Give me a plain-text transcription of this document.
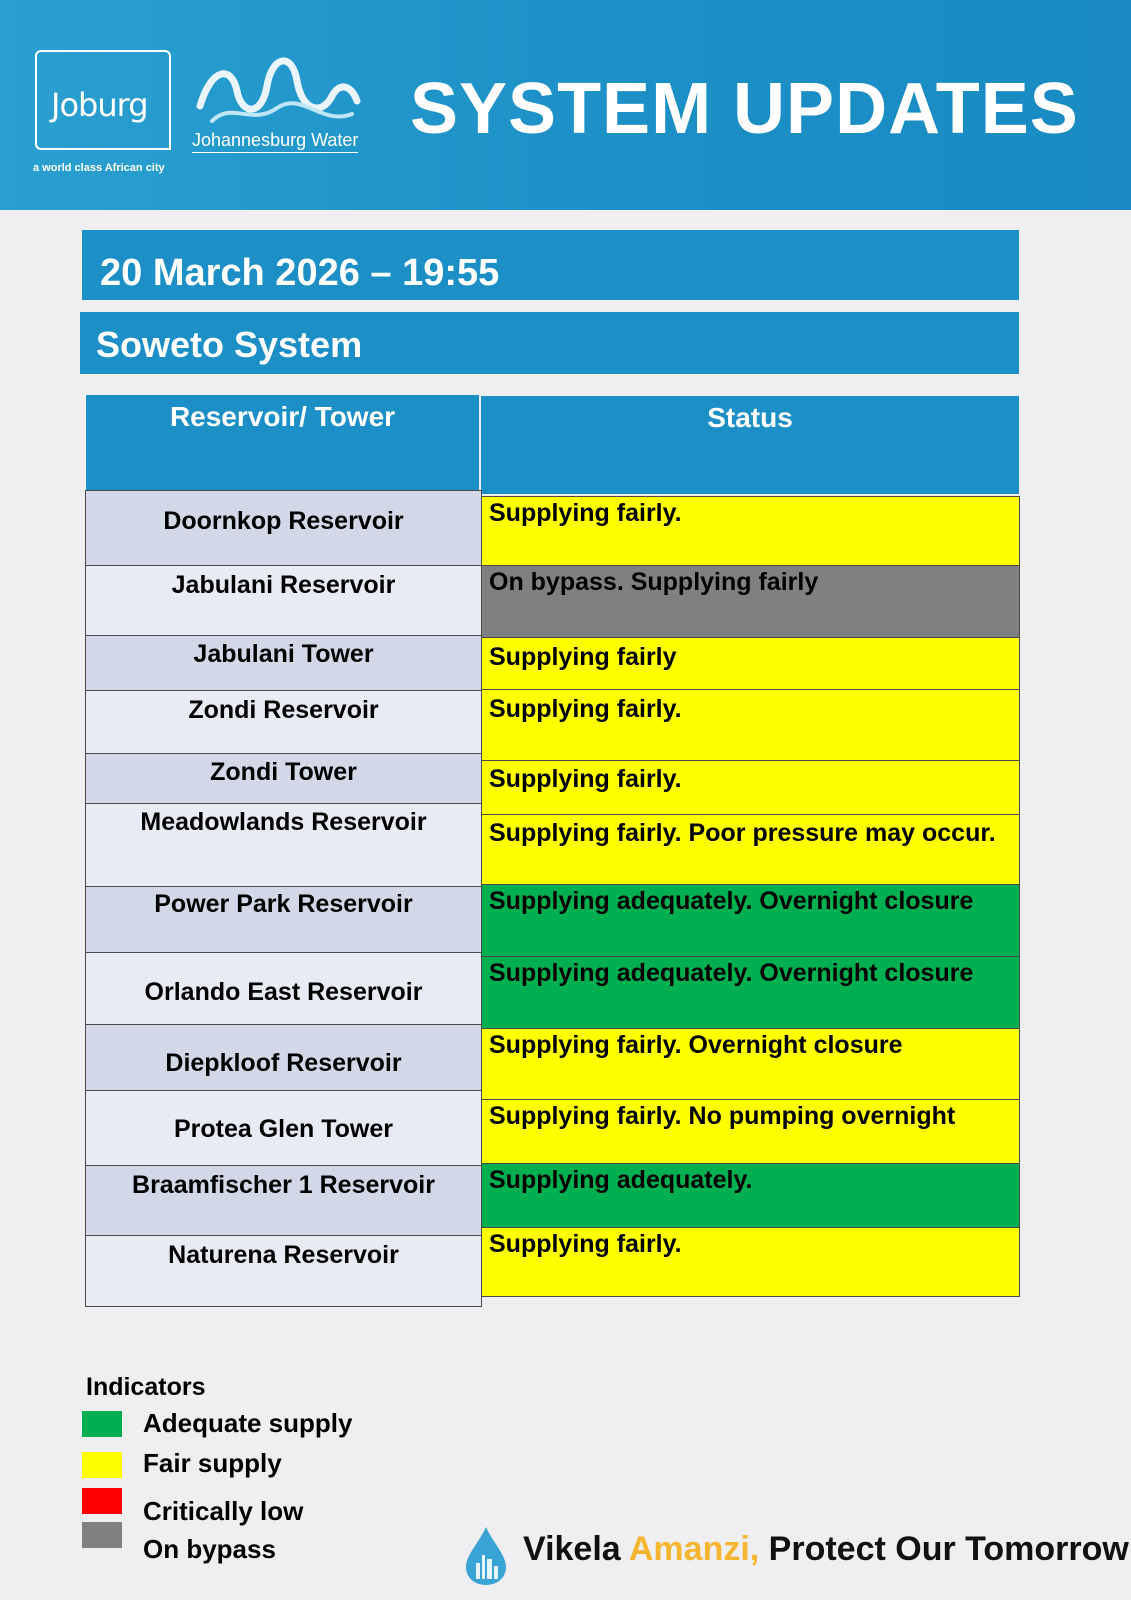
Joburg
a world class African city
Johannesburg Water SYSTEM UPDATES
20 March 2026 – 19:55
Soweto System
Reservoir/ Tower	Status
Doornkop Reservoir
Jabulani Reservoir
Jabulani Tower
Zondi Reservoir
Zondi Tower
Meadowlands Reservoir
Power Park Reservoir
Orlando East Reservoir
Diepkloof Reservoir
Protea Glen Tower
Braamfischer 1 Reservoir
Naturena Reservoir
Supplying fairly.
On bypass. Supplying fairly
Supplying fairly
Supplying fairly.
Supplying fairly.
Supplying fairly. Poor pressure may occur.
Supplying adequately. Overnight closure
Supplying adequately. Overnight closure
Supplying fairly. Overnight closure
Supplying fairly. No pumping overnight
Supplying adequately.
Supplying fairly.
Indicators
Adequate supply
Fair supply
Critically low
On bypass	Vikela Amanzi, Protect Our Tomorrow
